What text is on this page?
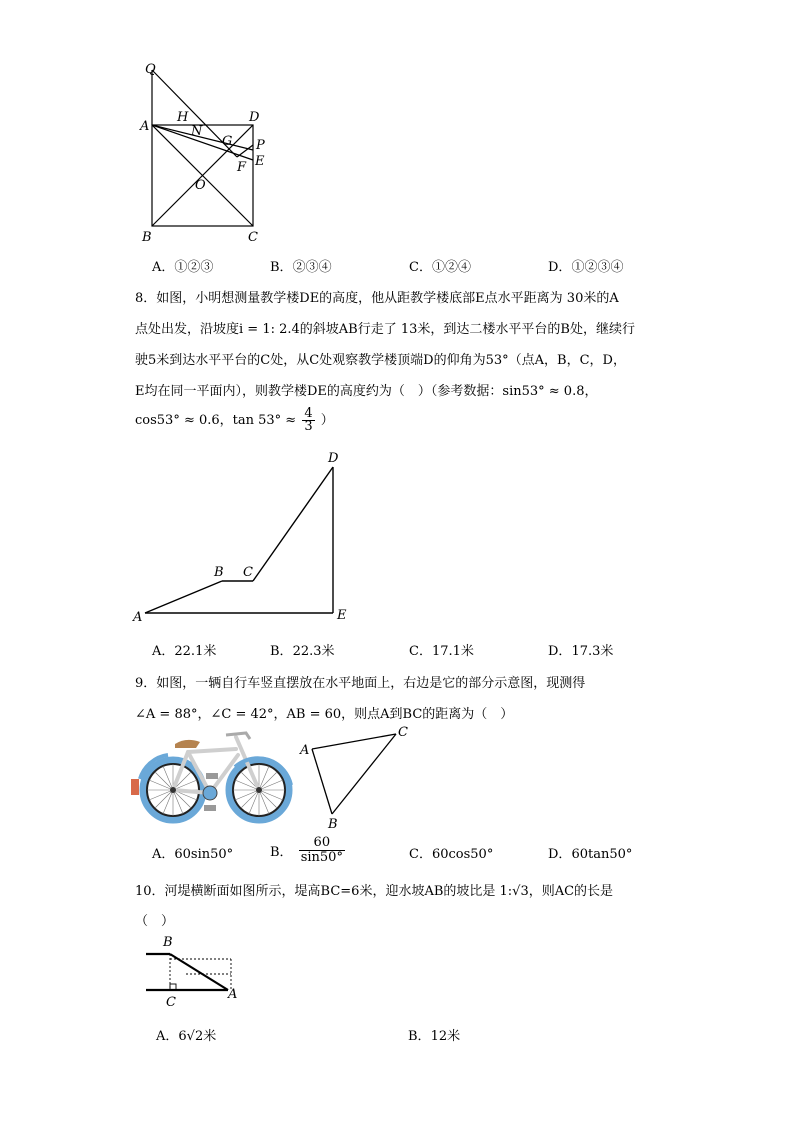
Q
A
H
N
D
G P
E
F
O
B	C
A．①②③	B．②③④	C．①②④	D．①②③④
8．如图，小明想测量教学楼DE的高度，他从距教学楼底部E点水平距离为 30米的A
点处出发，沿坡度i = 1: 2.4的斜坡AB行走了 13米，到达二楼水平平台的B处，继续行
驶5米到达水平平台的C处，从C处观察教学楼顶端D的仰角为53°（点A，B，C，D，
E均在同一平面内），则教学楼DE的高度约为（　）（参考数据：sin53° ≈ 0.8，
cos53° ≈ 0.6，$\tan 53^\circ \approx \frac{4}{3}$ ）
D
B C
A	E
A．22.1米	B．22.3米	C．17.1米	D．17.3米
9．如图，一辆自行车竖直摆放在水平地面上，右边是它的部分示意图，现测得
∠A = 88°，∠C = 42°，AB = 60，则点A到BC的距离为（　）
A
C
B
A．60sin50°	B． $\frac{60}{\sin 50^\circ}$	C．60cos50°	D．60tan50°
10．河堤横断面如图所示，堤高BC=6米，迎水坡AB的坡比是 1:√3，则AC的长是
（　）
B
C
A
A．6√2米	B．12米
